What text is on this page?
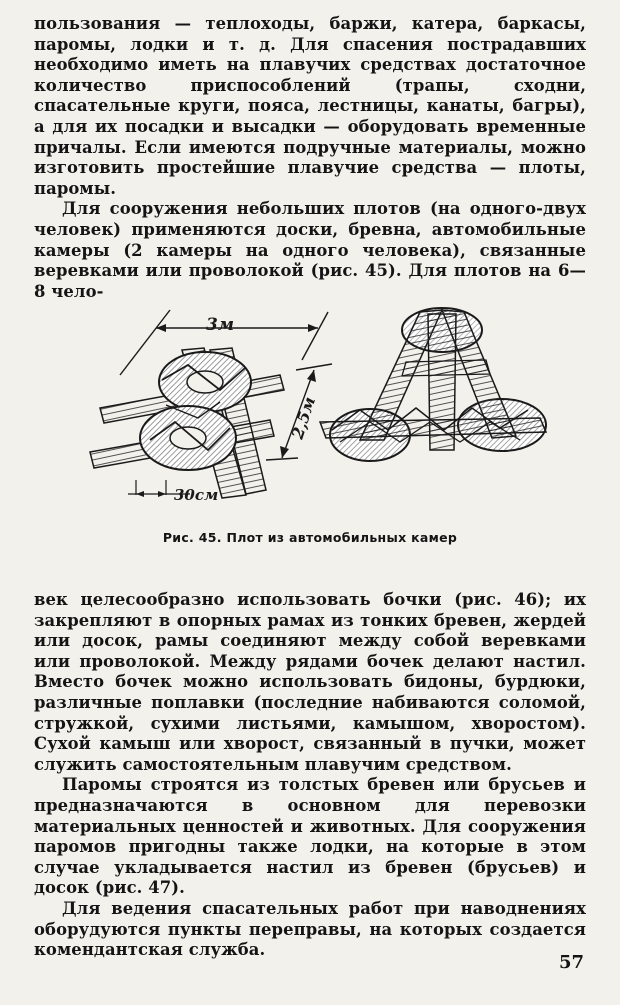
пользования — теплоходы, баржи, катера, баркасы, паромы, лодки и т. д. Для спасения пострадавших необходимо иметь на плавучих средствах достаточное количество приспособлений (трапы, сходни, спасательные круги, пояса, лестницы, канаты, багры), а для их посадки и высадки — оборудовать временные причалы. Если имеются подручные материалы, можно изготовить простейшие плавучие средства — плоты, паромы.

Для сооружения небольших плотов (на одного-двух человек) применяются доски, бревна, автомобильные камеры (2 камеры на одного человека), связанные веревками или проволокой (рис. 45). Для плотов на 6—8 чело-

3м
2,5м
30см
Рис. 45. Плот из автомобильных камер

век целесообразно использовать бочки (рис. 46); их закрепляют в опорных рамах из тонких бревен, жердей или досок, рамы соединяют между собой веревками или проволокой. Между рядами бочек делают настил. Вместо бочек можно использовать бидоны, бурдюки, различные поплавки (последние набиваются соломой, стружкой, сухими листьями, камышом, хворостом). Сухой камыш или хворост, связанный в пучки, может служить самостоятельным плавучим средством.

Паромы строятся из толстых бревен или брусьев и предназначаются в основном для перевозки материальных ценностей и животных. Для сооружения паромов пригодны также лодки, на которые в этом случае укладывается настил из бревен (брусьев) и досок (рис. 47).

Для ведения спасательных работ при наводнениях оборудуются пункты переправы, на которых создается комендантская служба.

57
